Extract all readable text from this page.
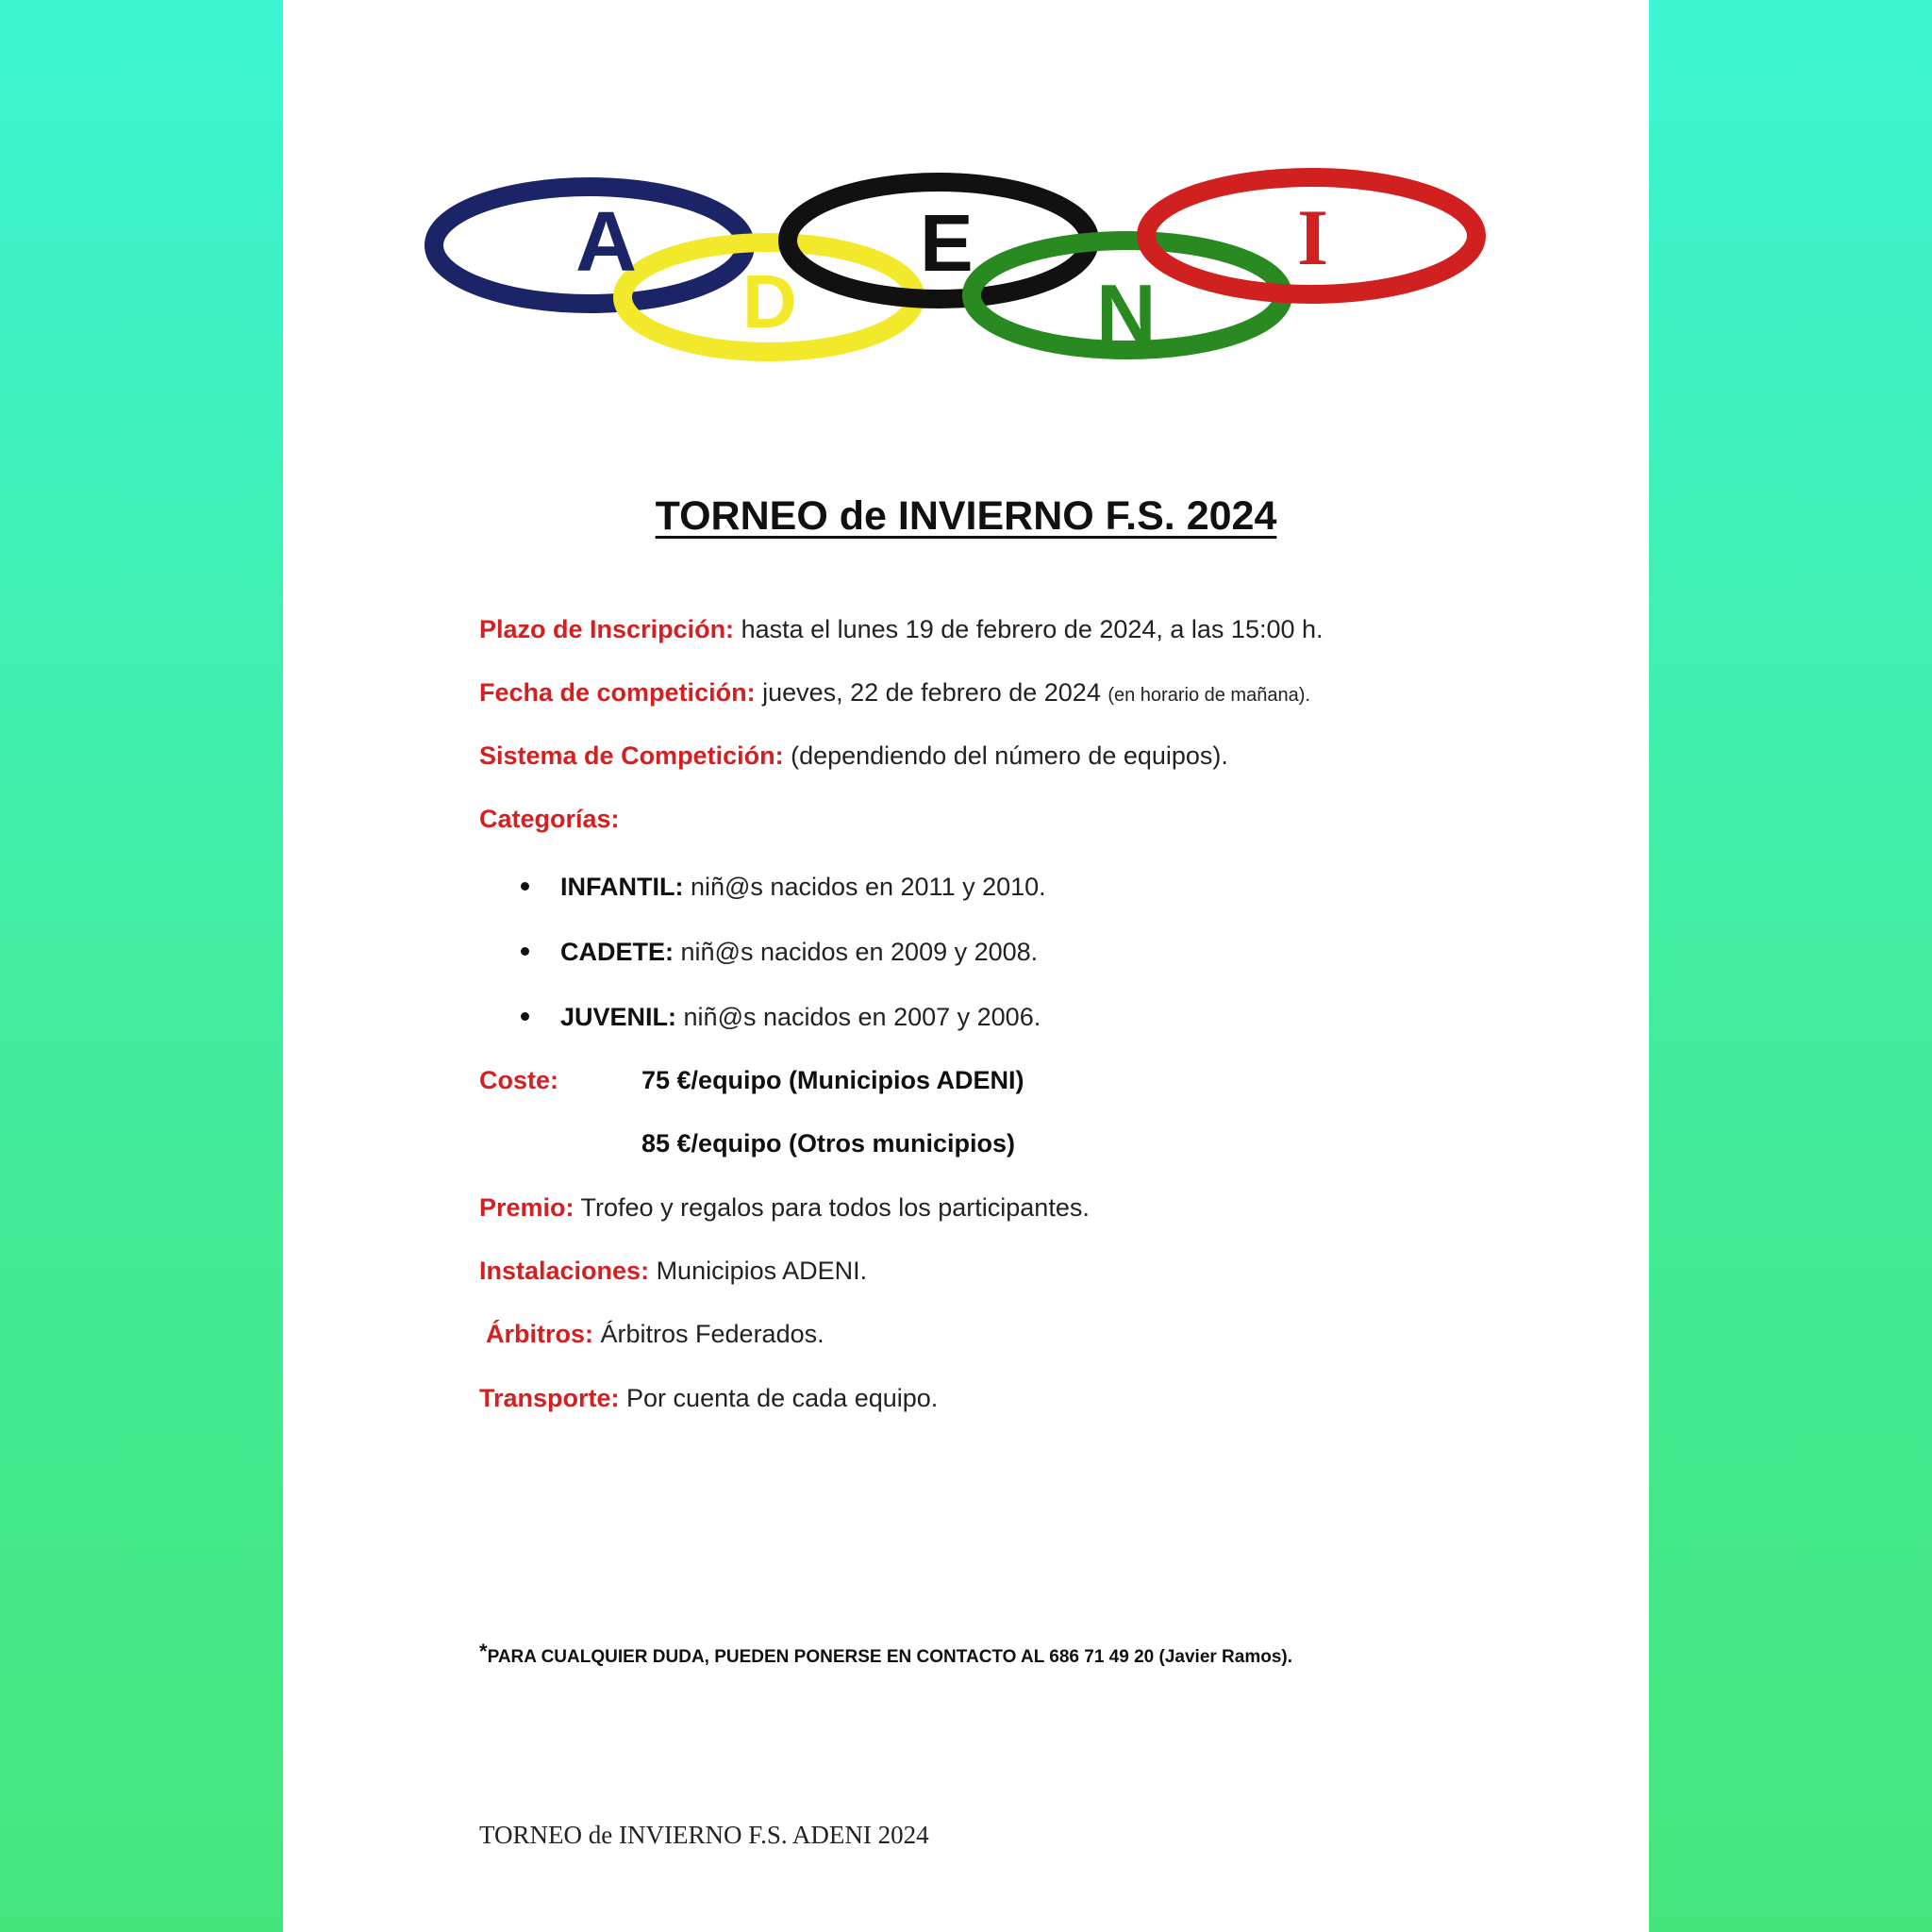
A
D
E
N
I
TORNEO de INVIERNO F.S. 2024
Plazo de Inscripción: hasta el lunes 19 de febrero de 2024, a las 15:00 h.
Fecha de competición: jueves, 22 de febrero de 2024 (en horario de mañana).
Sistema de Competición: (dependiendo del número de equipos).
Categorías:
INFANTIL: niñ@s nacidos en 2011 y 2010.
CADETE: niñ@s nacidos en 2009 y 2008.
JUVENIL: niñ@s nacidos en 2007 y 2006.
Coste:	75 €/equipo (Municipios ADENI)
85 €/equipo (Otros municipios)
Premio: Trofeo y regalos para todos los participantes.
Instalaciones: Municipios ADENI.
Árbitros: Árbitros Federados.
Transporte: Por cuenta de cada equipo.
*PARA CUALQUIER DUDA, PUEDEN PONERSE EN CONTACTO AL 686 71 49 20 (Javier Ramos).
TORNEO de INVIERNO F.S. ADENI 2024
